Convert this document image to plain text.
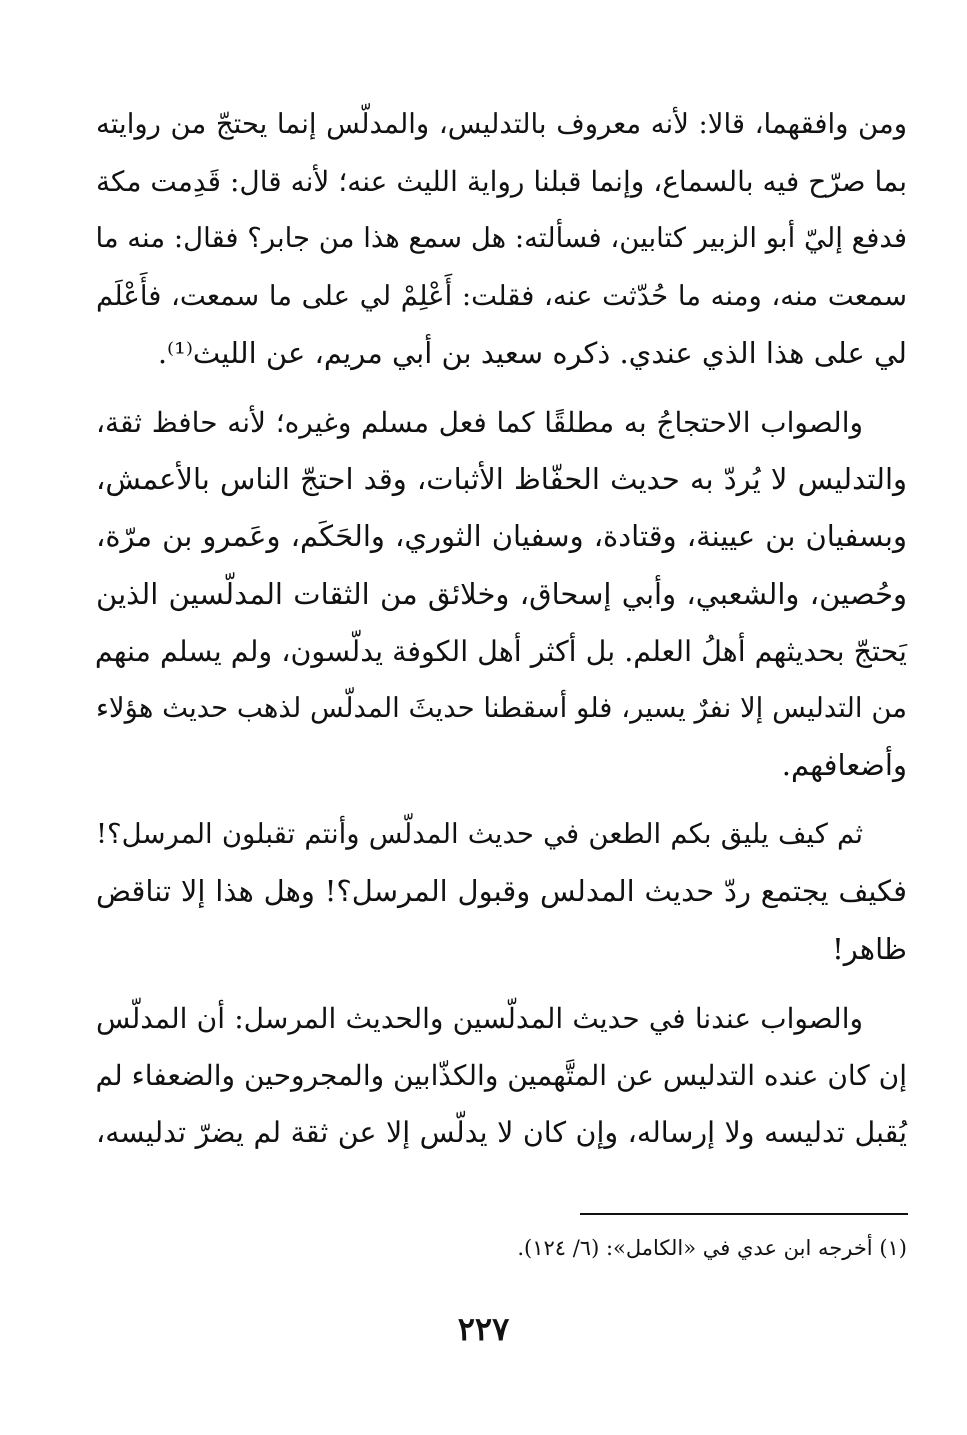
ومن وافقهما، قالا: لأنه معروف بالتدليس، والمدلّس إنما يحتجّ من روايته
بما صرّح فيه بالسماع، وإنما قبلنا رواية الليث عنه؛ لأنه قال: قَدِمت مكة
فدفع إليّ أبو الزبير كتابين، فسألته: هل سمع هذا من جابر؟ فقال: منه ما
سمعت منه، ومنه ما حُدّثت عنه، فقلت: أَعْلِمْ لي على ما سمعت، فأَعْلَم
لي على هذا الذي عندي. ذكره سعيد بن أبي مريم، عن الليث⁽¹⁾.
والصواب الاحتجاجُ به مطلقًا كما فعل مسلم وغيره؛ لأنه حافظ ثقة،
والتدليس لا يُردّ به حديث الحفّاظ الأثبات، وقد احتجّ الناس بالأعمش،
وبسفيان بن عيينة، وقتادة، وسفيان الثوري، والحَكَم، وعَمرو بن مرّة،
وحُصين، والشعبي، وأبي إسحاق، وخلائق من الثقات المدلّسين الذين
يَحتجّ بحديثهم أهلُ العلم. بل أكثر أهل الكوفة يدلّسون، ولم يسلم منهم
من التدليس إلا نفرٌ يسير، فلو أسقطنا حديثَ المدلّس لذهب حديث هؤلاء
وأضعافهم.
ثم كيف يليق بكم الطعن في حديث المدلّس وأنتم تقبلون المرسل؟!
فكيف يجتمع ردّ حديث المدلس وقبول المرسل؟! وهل هذا إلا تناقض
ظاهر!
والصواب عندنا في حديث المدلّسين والحديث المرسل: أن المدلّس
إن كان عنده التدليس عن المتَّهمين والكذّابين والمجروحين والضعفاء لم
يُقبل تدليسه ولا إرساله، وإن كان لا يدلّس إلا عن ثقة لم يضرّ تدليسه،
(١) أخرجه ابن عدي في «الكامل»: (٦/ ١٢٤).
٢٢٧
